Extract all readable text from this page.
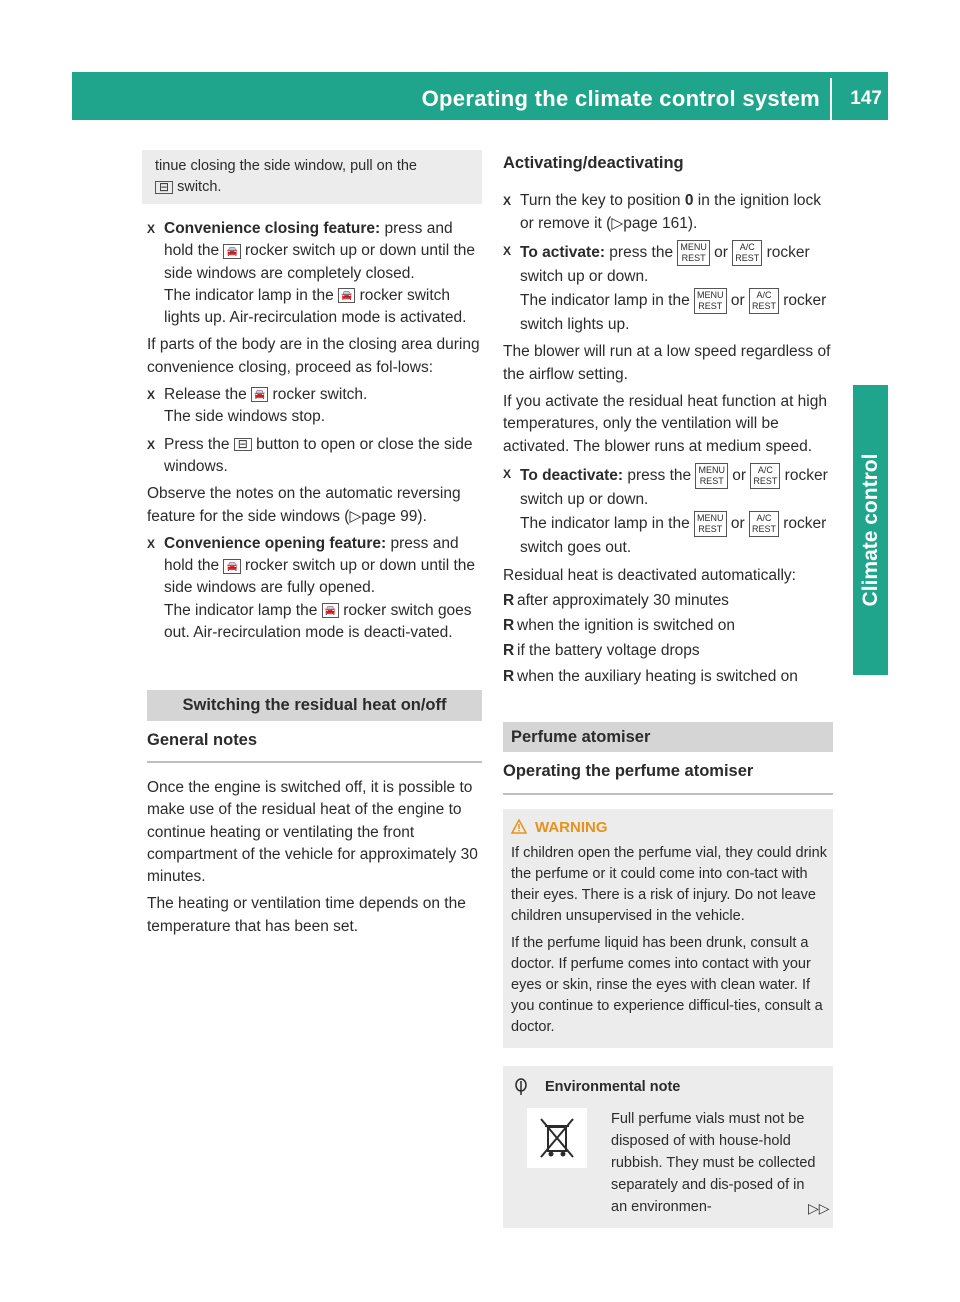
Operating the climate control system 147
Climate control
tinue closing the side window, pull on the
⊟ switch.
X Convenience closing feature: press and hold the 🚘 rocker switch up or down until the side windows are completely closed.
The indicator lamp in the 🚘 rocker switch lights up. Air-recirculation mode is activated.
If parts of the body are in the closing area during convenience closing, proceed as fol-lows:
X Release the 🚘 rocker switch.
The side windows stop.
X Press the ⊟ button to open or close the side windows.
Observe the notes on the automatic reversing feature for the side windows (▷page 99).
X Convenience opening feature: press and hold the 🚘 rocker switch up or down until the side windows are fully opened.
The indicator lamp the 🚘 rocker switch goes out. Air-recirculation mode is deacti-vated.
Switching the residual heat on/off
General notes
Once the engine is switched off, it is possible to make use of the residual heat of the engine to continue heating or ventilating the front compartment of the vehicle for approximately 30 minutes.
The heating or ventilation time depends on the temperature that has been set.
Activating/deactivating
X Turn the key to position 0 in the ignition lock or remove it (▷page 161).
X To activate: press the MENU
REST or A/C
REST rocker switch up or down.
The indicator lamp in the MENU
REST or A/C
REST rocker switch lights up.
The blower will run at a low speed regardless of the airflow setting.
If you activate the residual heat function at high temperatures, only the ventilation will be activated. The blower runs at medium speed.
X To deactivate: press the MENU
REST or A/C
REST rocker switch up or down.
The indicator lamp in the MENU
REST or A/C
REST rocker switch goes out.
Residual heat is deactivated automatically:
R after approximately 30 minutes
R when the ignition is switched on
R if the battery voltage drops
R when the auxiliary heating is switched on
Perfume atomiser
Operating the perfume atomiser
WARNING
If children open the perfume vial, they could drink the perfume or it could come into con-tact with their eyes. There is a risk of injury. Do not leave children unsupervised in the vehicle.
If the perfume liquid has been drunk, consult a doctor. If perfume comes into contact with your eyes or skin, rinse the eyes with clean water. If you continue to experience difficul-ties, consult a doctor.
Environmental note
Full perfume vials must not be disposed of with house-hold rubbish. They must be collected separately and dis-posed of in an environmen-	▷▷
